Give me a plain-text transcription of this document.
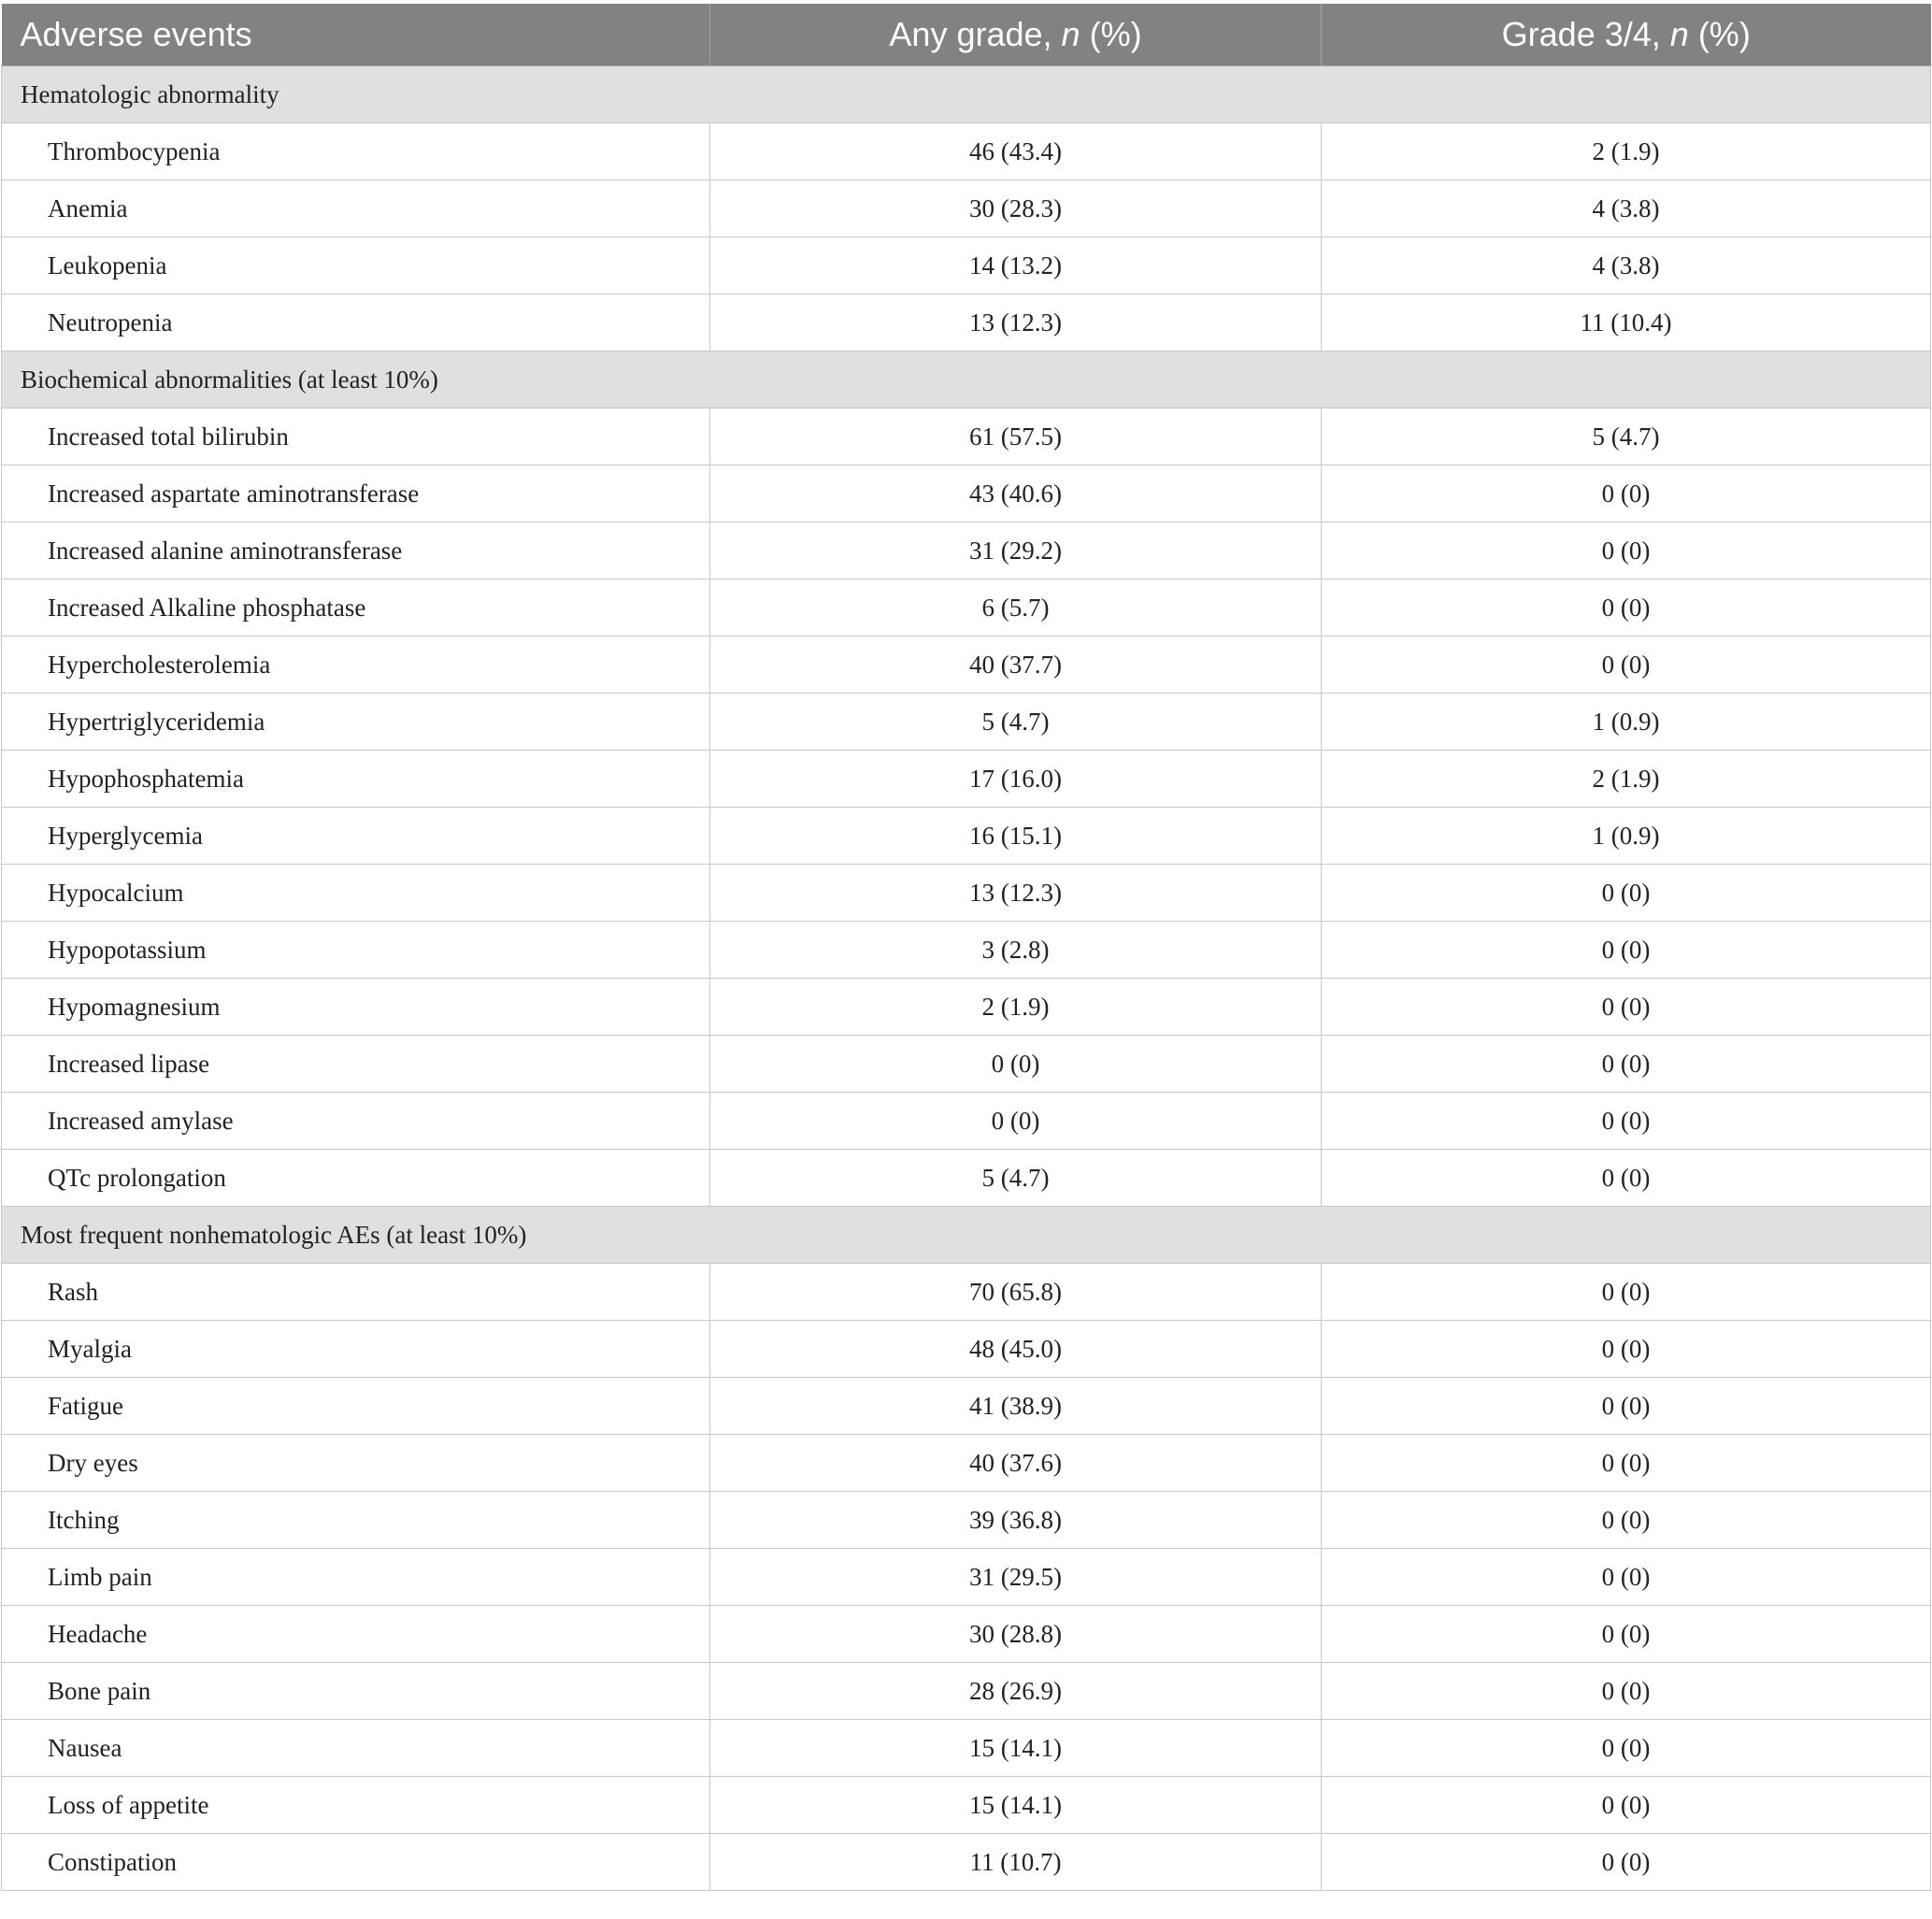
Adverse events	Any grade, n (%)	Grade 3/4, n (%)
Hematologic abnormality		
Thrombocypenia	46 (43.4)	2 (1.9)
Anemia	30 (28.3)	4 (3.8)
Leukopenia	14 (13.2)	4 (3.8)
Neutropenia	13 (12.3)	11 (10.4)
Biochemical abnormalities (at least 10%)		
Increased total bilirubin	61 (57.5)	5 (4.7)
Increased aspartate aminotransferase	43 (40.6)	0 (0)
Increased alanine aminotransferase	31 (29.2)	0 (0)
Increased Alkaline phosphatase	6 (5.7)	0 (0)
Hypercholesterolemia	40 (37.7)	0 (0)
Hypertriglyceridemia	5 (4.7)	1 (0.9)
Hypophosphatemia	17 (16.0)	2 (1.9)
Hyperglycemia	16 (15.1)	1 (0.9)
Hypocalcium	13 (12.3)	0 (0)
Hypopotassium	3 (2.8)	0 (0)
Hypomagnesium	2 (1.9)	0 (0)
Increased lipase	0 (0)	0 (0)
Increased amylase	0 (0)	0 (0)
QTc prolongation	5 (4.7)	0 (0)
Most frequent nonhematologic AEs (at least 10%)		
Rash	70 (65.8)	0 (0)
Myalgia	48 (45.0)	0 (0)
Fatigue	41 (38.9)	0 (0)
Dry eyes	40 (37.6)	0 (0)
Itching	39 (36.8)	0 (0)
Limb pain	31 (29.5)	0 (0)
Headache	30 (28.8)	0 (0)
Bone pain	28 (26.9)	0 (0)
Nausea	15 (14.1)	0 (0)
Loss of appetite	15 (14.1)	0 (0)
Constipation	11 (10.7)	0 (0)
